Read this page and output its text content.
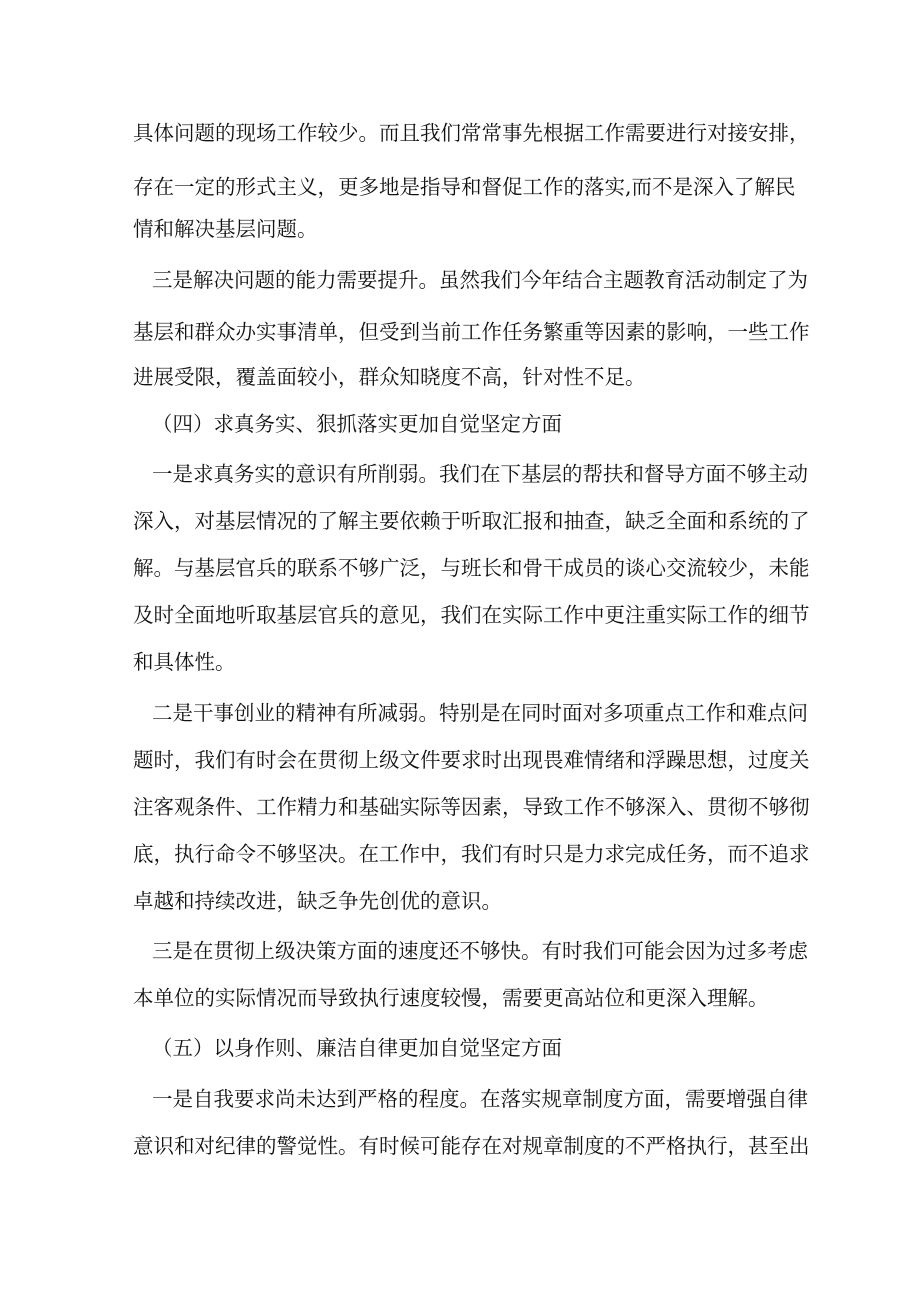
具体问题的现场工作较少。而且我们常常事先根据工作需要进行对接安排，
存在一定的形式主义，更多地是指导和督促工作的落实,而不是深入了解民
情和解决基层问题。
三是解决问题的能力需要提升。虽然我们今年结合主题教育活动制定了为
基层和群众办实事清单，但受到当前工作任务繁重等因素的影响，一些工作
进展受限，覆盖面较小，群众知晓度不高，针对性不足。
（四）求真务实、狠抓落实更加自觉坚定方面
一是求真务实的意识有所削弱。我们在下基层的帮扶和督导方面不够主动
深入，对基层情况的了解主要依赖于听取汇报和抽查，缺乏全面和系统的了
解。与基层官兵的联系不够广泛，与班长和骨干成员的谈心交流较少，未能
及时全面地听取基层官兵的意见，我们在实际工作中更注重实际工作的细节
和具体性。
二是干事创业的精神有所减弱。特别是在同时面对多项重点工作和难点问
题时，我们有时会在贯彻上级文件要求时出现畏难情绪和浮躁思想，过度关
注客观条件、工作精力和基础实际等因素，导致工作不够深入、贯彻不够彻
底，执行命令不够坚决。在工作中，我们有时只是力求完成任务，而不追求
卓越和持续改进，缺乏争先创优的意识。
三是在贯彻上级决策方面的速度还不够快。有时我们可能会因为过多考虑
本单位的实际情况而导致执行速度较慢，需要更高站位和更深入理解。
（五）以身作则、廉洁自律更加自觉坚定方面
一是自我要求尚未达到严格的程度。在落实规章制度方面，需要增强自律
意识和对纪律的警觉性。有时候可能存在对规章制度的不严格执行，甚至出
